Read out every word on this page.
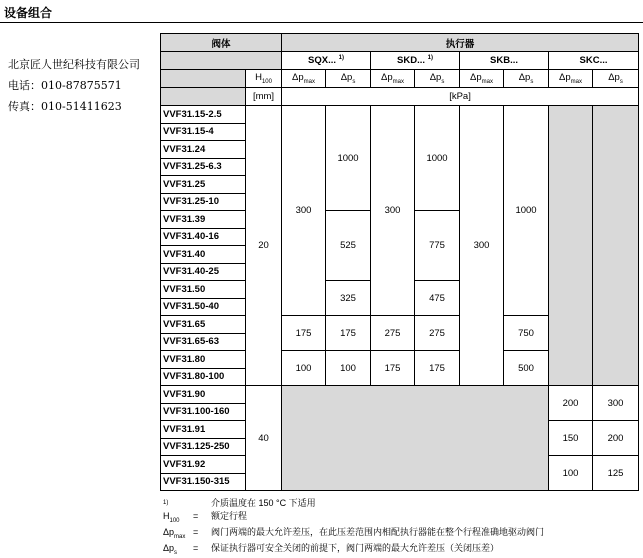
设备组合
北京匠人世纪科技有限公司
电话：010-87875571
传真：010-51411623
阀体		执行器							
		SQX... $^{1)}$		SKD... $^{1)}$		SKB...		SKC...	
	$H_{100}$	$\Delta p_{max}$	$\Delta p_s$	$\Delta p_{max}$	$\Delta p_s$	$\Delta p_{max}$	$\Delta p_s$	$\Delta p_{max}$	$\Delta p_s$
	[mm]	[kPa]							
VVF31.15-2.5	20	300	1000	300	1000	300	1000		
VVF31.15-4									
VVF31.24									
VVF31.25-6.3									
VVF31.25									
VVF31.25-10									
VVF31.39			525		775				
VVF31.40-16									
VVF31.40									
VVF31.40-25									
VVF31.50			325		475				
VVF31.50-40									
VVF31.65		175	175	275	275		750		
VVF31.65-63									
VVF31.80		100	100	175	175		500		
VVF31.80-100									
VVF31.90	40							200	300
VVF31.100-160									
VVF31.91								150	200
VVF31.125-250									
VVF31.92								100	125
VVF31.150-315									
$^{1)}$	介质温度在 150 °C 下适用
$H_{100}$	=	额定行程
$\Delta p_{max}$ =	阀门两端的最大允许差压，在此压差范围内相配执行器能在整个行程准确地驱动阀门
$\Delta p_s$	=	保证执行器可安全关闭的前提下，阀门两端的最大允许差压（关闭压差）
